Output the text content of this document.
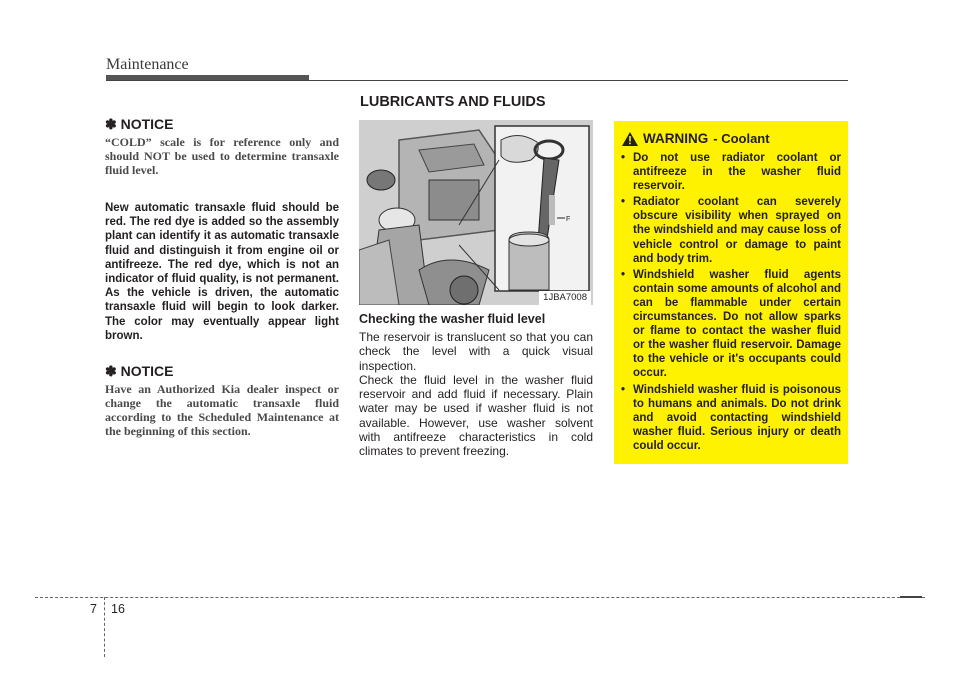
Maintenance
✽ NOTICE

“COLD” scale is for reference only and should NOT be used to determine transaxle fluid level.

New automatic transaxle fluid should be red. The red dye is added so the assembly plant can identify it as automatic transaxle fluid and distinguish it from engine oil or antifreeze. The red dye, which is not an indicator of fluid quality, is not permanent. As the vehicle is driven, the automatic transaxle fluid will begin to look darker. The color may eventually appear light brown.

✽ NOTICE

Have an Authorized Kia dealer inspect or change the automatic transaxle fluid according to the Scheduled Maintenance at the beginning of this section.

LUBRICANTS AND FLUIDS
F
1JBA7008
Checking the washer fluid level

The reservoir is translucent so that you can check the level with a quick visual inspection.

Check the fluid level in the washer fluid reservoir and add fluid if necessary. Plain water may be used if washer fluid is not available. However, use washer solvent with antifreeze characteristics in cold climates to prevent freezing.

WARNING - Coolant
• Do not use radiator coolant or antifreeze in the washer fluid reservoir.
• Radiator coolant can severely obscure visibility when sprayed on the windshield and may cause loss of vehicle control or damage to paint and body trim.
• Windshield washer fluid agents contain some amounts of alcohol and can be flammable under certain circumstances. Do not allow sparks or flame to contact the washer fluid or the washer fluid reservoir. Damage to the vehicle or it's occupants could occur.
• Windshield washer fluid is poisonous to humans and animals. Do not drink and avoid contacting windshield washer fluid. Serious injury or death could occur.
7 16
